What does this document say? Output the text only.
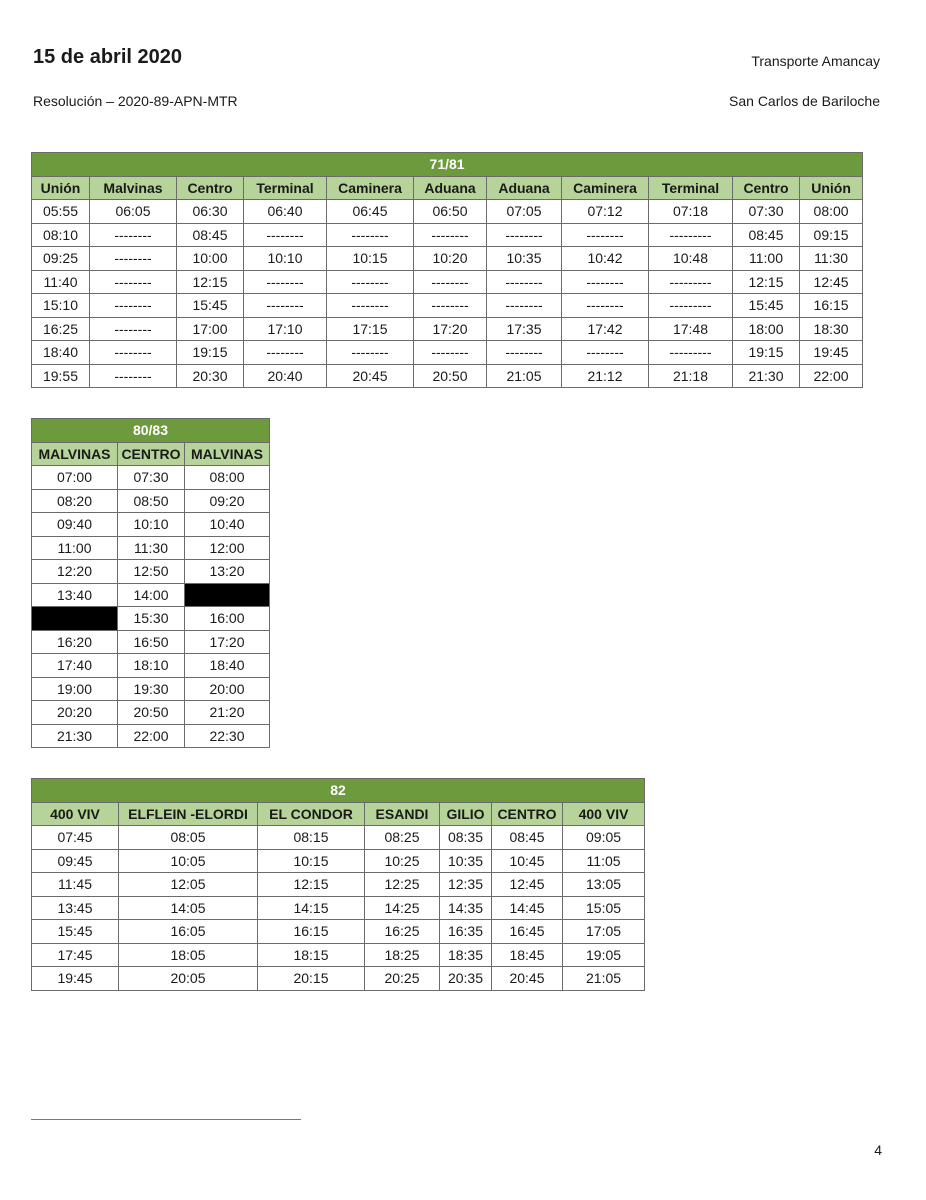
15 de abril 2020	Transporte Amancay
Resolución – 2020-89-APN-MTR	San Carlos de Bariloche
71/81										
Unión	Malvinas	Centro	Terminal	Caminera	Aduana	Aduana	Caminera	Terminal	Centro	Unión
05:55	06:05	06:30	06:40	06:45	06:50	07:05	07:12	07:18	07:30	08:00
08:10	--------	08:45	--------	--------	--------	--------	--------	---------	08:45	09:15
09:25	--------	10:00	10:10	10:15	10:20	10:35	10:42	10:48	11:00	11:30
11:40	--------	12:15	--------	--------	--------	--------	--------	---------	12:15	12:45
15:10	--------	15:45	--------	--------	--------	--------	--------	---------	15:45	16:15
16:25	--------	17:00	17:10	17:15	17:20	17:35	17:42	17:48	18:00	18:30
18:40	--------	19:15	--------	--------	--------	--------	--------	---------	19:15	19:45
19:55	--------	20:30	20:40	20:45	20:50	21:05	21:12	21:18	21:30	22:00
80/83		
MALVINAS	CENTRO	MALVINAS
07:00	07:30	08:00
08:20	08:50	09:20
09:40	10:10	10:40
11:00	11:30	12:00
12:20	12:50	13:20
13:40	14:00	
	15:30	16:00
16:20	16:50	17:20
17:40	18:10	18:40
19:00	19:30	20:00
20:20	20:50	21:20
21:30	22:00	22:30
82						
400 VIV	ELFLEIN -ELORDI	EL CONDOR	ESANDI	GILIO	CENTRO	400 VIV
07:45	08:05	08:15	08:25	08:35	08:45	09:05
09:45	10:05	10:15	10:25	10:35	10:45	11:05
11:45	12:05	12:15	12:25	12:35	12:45	13:05
13:45	14:05	14:15	14:25	14:35	14:45	15:05
15:45	16:05	16:15	16:25	16:35	16:45	17:05
17:45	18:05	18:15	18:25	18:35	18:45	19:05
19:45	20:05	20:15	20:25	20:35	20:45	21:05
4
